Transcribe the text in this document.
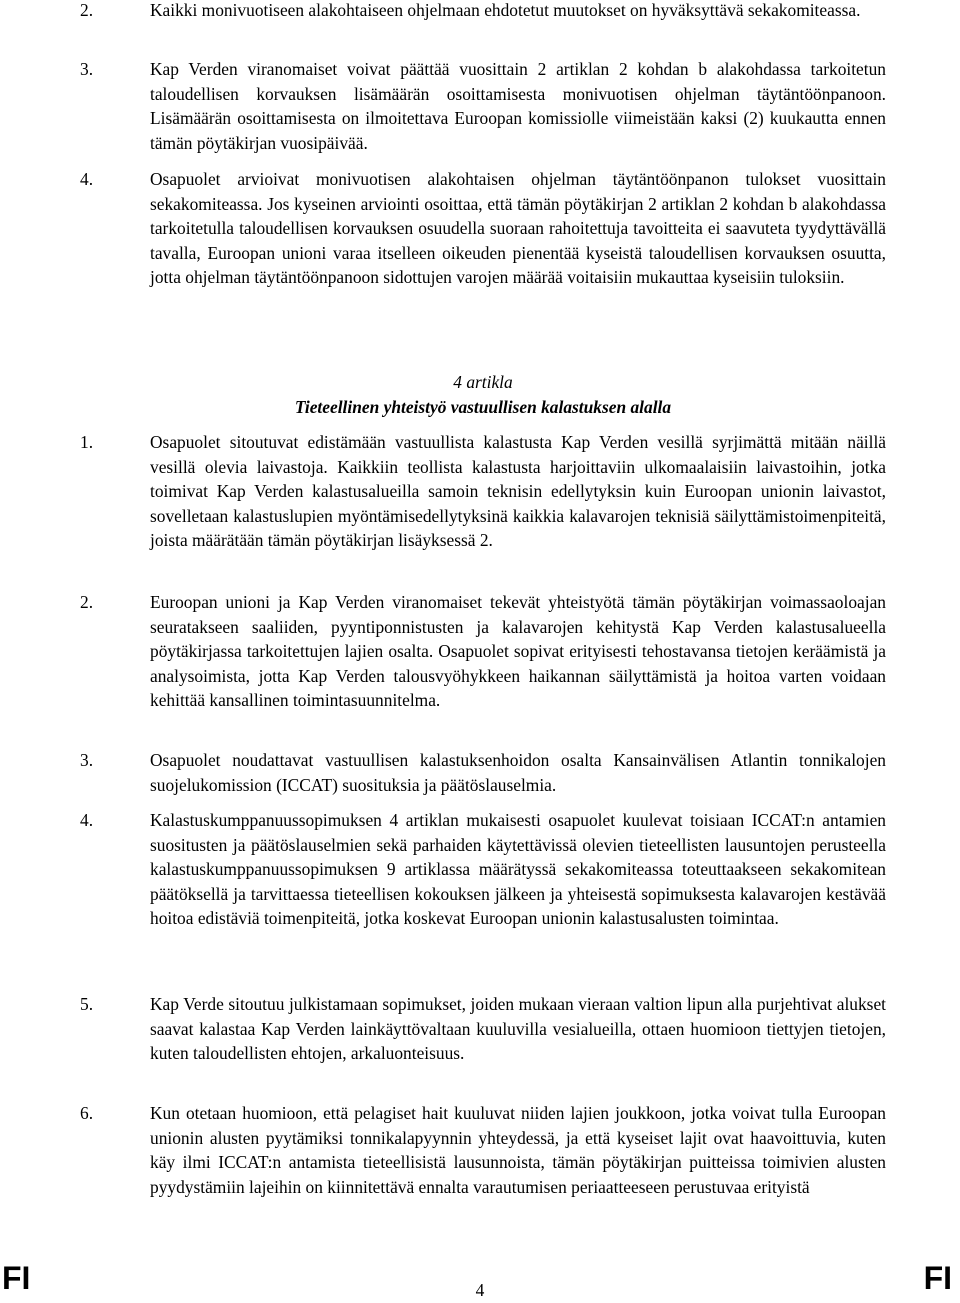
2.	Kaikki monivuotiseen alakohtaiseen ohjelmaan ehdotetut muutokset on hyväksyttävä sekakomiteassa.
3.	Kap Verden viranomaiset voivat päättää vuosittain 2 artiklan 2 kohdan b alakohdassa tarkoitetun taloudellisen korvauksen lisämäärän osoittamisesta monivuotisen ohjelman täytäntöönpanoon. Lisämäärän osoittamisesta on ilmoitettava Euroopan komissiolle viimeistään kaksi (2) kuukautta ennen tämän pöytäkirjan vuosipäivää.
4.	Osapuolet arvioivat monivuotisen alakohtaisen ohjelman täytäntöönpanon tulokset vuosittain sekakomiteassa. Jos kyseinen arviointi osoittaa, että tämän pöytäkirjan 2 artiklan 2 kohdan b alakohdassa tarkoitetulla taloudellisen korvauksen osuudella suoraan rahoitettuja tavoitteita ei saavuteta tyydyttävällä tavalla, Euroopan unioni varaa itselleen oikeuden pienentää kyseistä taloudellisen korvauksen osuutta, jotta ohjelman täytäntöönpanoon sidottujen varojen määrää voitaisiin mukauttaa kyseisiin tuloksiin.
4 artikla
Tieteellinen yhteistyö vastuullisen kalastuksen alalla
1.	Osapuolet sitoutuvat edistämään vastuullista kalastusta Kap Verden vesillä syrjimättä mitään näillä vesillä olevia laivastoja. Kaikkiin teollista kalastusta harjoittaviin ulkomaalaisiin laivastoihin, jotka toimivat Kap Verden kalastusalueilla samoin teknisin edellytyksin kuin Euroopan unionin laivastot, sovelletaan kalastuslupien myöntämisedellytyksinä kaikkia kalavarojen teknisiä säilyttämistoimenpiteitä, joista määrätään tämän pöytäkirjan lisäyksessä 2.
2.	Euroopan unioni ja Kap Verden viranomaiset tekevät yhteistyötä tämän pöytäkirjan voimassaoloajan seuratakseen saaliiden, pyyntiponnistusten ja kalavarojen kehitystä Kap Verden kalastusalueella pöytäkirjassa tarkoitettujen lajien osalta. Osapuolet sopivat erityisesti tehostavansa tietojen keräämistä ja analysoimista, jotta Kap Verden talousvyöhykkeen haikannan säilyttämistä ja hoitoa varten voidaan kehittää kansallinen toimintasuunnitelma.
3.	Osapuolet noudattavat vastuullisen kalastuksenhoidon osalta Kansainvälisen Atlantin tonnikalojen suojelukomission (ICCAT) suosituksia ja päätöslauselmia.
4.	Kalastuskumppanuussopimuksen 4 artiklan mukaisesti osapuolet kuulevat toisiaan ICCAT:n antamien suositusten ja päätöslauselmien sekä parhaiden käytettävissä olevien tieteellisten lausuntojen perusteella kalastuskumppanuussopimuksen 9 artiklassa määrätyssä sekakomiteassa toteuttaakseen sekakomitean päätöksellä ja tarvittaessa tieteellisen kokouksen jälkeen ja yhteisestä sopimuksesta kalavarojen kestävää hoitoa edistäviä toimenpiteitä, jotka koskevat Euroopan unionin kalastusalusten toimintaa.
5.	Kap Verde sitoutuu julkistamaan sopimukset, joiden mukaan vieraan valtion lipun alla purjehtivat alukset saavat kalastaa Kap Verden lainkäyttövaltaan kuuluvilla vesialueilla, ottaen huomioon tiettyjen tietojen, kuten taloudellisten ehtojen, arkaluonteisuus.
6.	Kun otetaan huomioon, että pelagiset hait kuuluvat niiden lajien joukkoon, jotka voivat tulla Euroopan unionin alusten pyytämiksi tonnikalapyynnin yhteydessä, ja että kyseiset lajit ovat haavoittuvia, kuten käy ilmi ICCAT:n antamista tieteellisistä lausunnoista, tämän pöytäkirjan puitteissa toimivien alusten pyydystämiin lajeihin on kiinnitettävä ennalta varautumisen periaatteeseen perustuvaa erityistä
FI	4	FI
